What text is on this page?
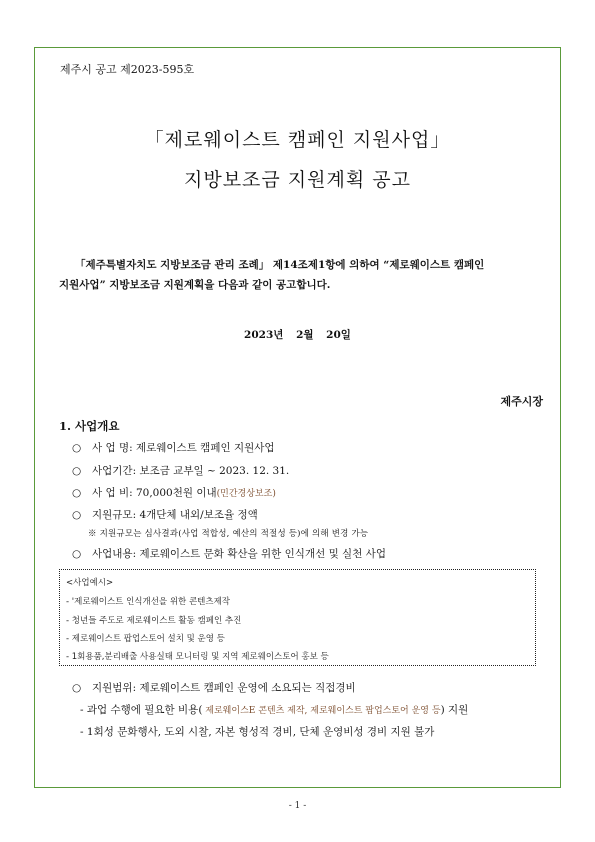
제주시 공고 제2023-595호
「제로웨이스트 캠페인 지원사업」
지방보조금 지원계획 공고
「제주특별자치도 지방보조금 관리 조례」 제14조제1항에 의하여 “제로웨이스트 캠페인
지원사업” 지방보조금 지원계획을 다음과 같이 공고합니다.
2023년 2월 20일
제주시장
1. 사업개요
○ 사 업 명: 제로웨이스트 캠페인 지원사업
○ 사업기간: 보조금 교부일 ~ 2023. 12. 31.
○ 사 업 비: 70,000천원 이내(민간경상보조)
○ 지원규모: 4개단체 내외/보조율 정액
※ 지원규모는 심사결과(사업 적합성, 예산의 적절성 등)에 의해 변경 가능
○ 사업내용: 제로웨이스트 문화 확산을 위한 인식개선 및 실천 사업
<사업예시>
- '제로웨이스트 인식개선을 위한 콘텐츠제작
- 청년들 주도로 제로웨이스트 활동 캠페인 추진
- 제로웨이스트 팝업스토어 설치 및 운영 등
- 1회용품,분리배출 사용실태 모니터링 및 지역 제로웨이스토어 홍보 등
○ 지원범위: 제로웨이스트 캠페인 운영에 소요되는 직접경비
- 과업 수행에 필요한 비용( 제로웨이스E 콘텐츠 제작, 제로웨이스트 팝업스토어 운영 등) 지원
- 1회성 문화행사, 도외 시찰, 자본 형성적 경비, 단체 운영비성 경비 지원 불가
- 1 -
